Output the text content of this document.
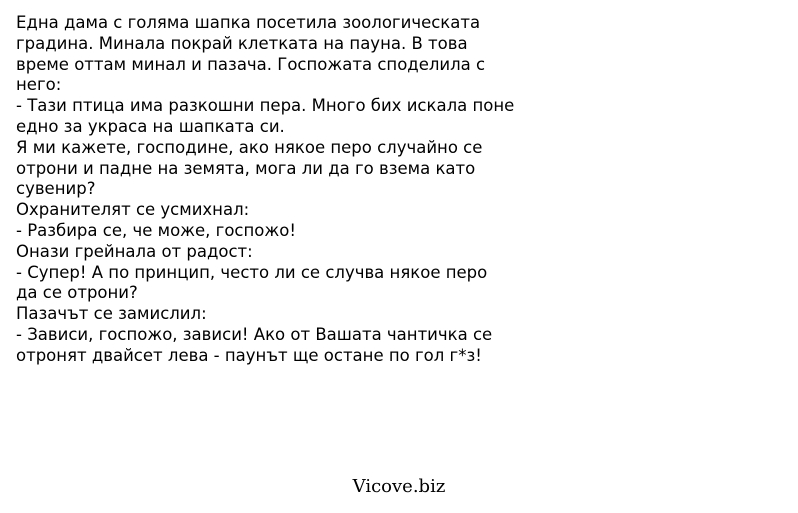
Една дама с голяма шапка посетила зоологическата
градина. Минала покрай клетката на пауна. В това
време оттам минал и пазача. Госпожата споделила с
него:
- Тази птица има разкошни пера. Много бих искала поне
едно за украса на шапката си.
Я ми кажете, господине, ако някое перо случайно се
отрони и падне на земята, мога ли да го взема като
сувенир?
Охранителят се усмихнал:
- Разбира се, че може, госпожо!
Онази грейнала от радост:
- Супер! А по принцип, често ли се случва някое перо
да се отрони?
Пазачът се замислил:
- Зависи, госпожо, зависи! Ако от Вашата чантичка се
отронят двайсет лева - паунът ще остане по гол г*з!
Vicove.biz
